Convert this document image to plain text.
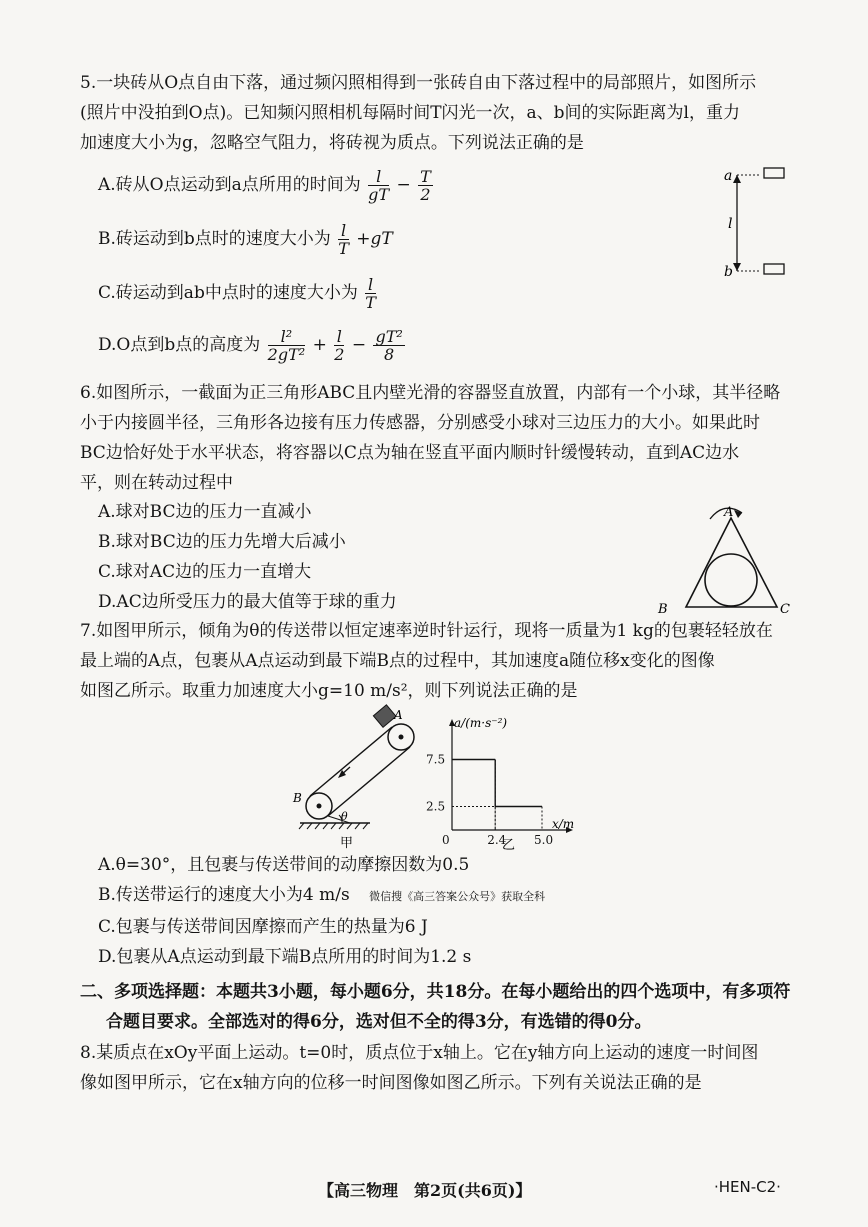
5.一块砖从O点自由下落，通过频闪照相得到一张砖自由下落过程中的局部照片，如图所示
(照片中没拍到O点)。已知频闪照相机每隔时间T闪光一次，a、b间的实际距离为l，重力
加速度大小为g，忽略空气阻力，将砖视为质点。下列说法正确的是
A.砖从O点运动到a点所用的时间为 $\frac{l}{gT} - \frac{T}{2}$
B.砖运动到b点时的速度大小为 $\frac{l}{T} +gT$
C.砖运动到ab中点时的速度大小为 $\frac{l}{T}$
D.O点到b点的高度为 $\frac{\text{l²}}{\text{2gT²}} + \frac{l}{2} - \frac{\text{gT²}}{8}$
a
b
l
6.如图所示，一截面为正三角形ABC且内壁光滑的容器竖直放置，内部有一个小球，其半径略
小于内接圆半径，三角形各边接有压力传感器，分别感受小球对三边压力的大小。如果此时
BC边恰好处于水平状态，将容器以C点为轴在竖直平面内顺时针缓慢转动，直到AC边水
平，则在转动过程中
A.球对BC边的压力一直减小
B.球对BC边的压力先增大后减小
C.球对AC边的压力一直增大
D.AC边所受压力的最大值等于球的重力
A
B	C
7.如图甲所示，倾角为θ的传送带以恒定速率逆时针运行，现将一质量为1 kg的包裹轻轻放在
最上端的A点，包裹从A点运动到最下端B点的过程中，其加速度a随位移x变化的图像
如图乙所示。取重力加速度大小g=10 m/s²，则下列说法正确的是
A
B
θ
甲	0	2.4 5.0
7.5
2.5
a/(m·s⁻²)
x/m
乙
A.θ=30°，且包裹与传送带间的动摩擦因数为0.5
B.传送带运行的速度大小为4 m/s 微信搜《高三答案公众号》获取全科
C.包裹与传送带间因摩擦而产生的热量为6 J
D.包裹从A点运动到最下端B点所用的时间为1.2 s
二、多项选择题：本题共3小题，每小题6分，共18分。在每小题给出的四个选项中，有多项符
合题目要求。全部选对的得6分，选对但不全的得3分，有选错的得0分。
8.某质点在xOy平面上运动。t=0时，质点位于x轴上。它在y轴方向上运动的速度一时间图
像如图甲所示，它在x轴方向的位移一时间图像如图乙所示。下列有关说法正确的是
【高三物理　第2页(共6页)】	·HEN-C2·
